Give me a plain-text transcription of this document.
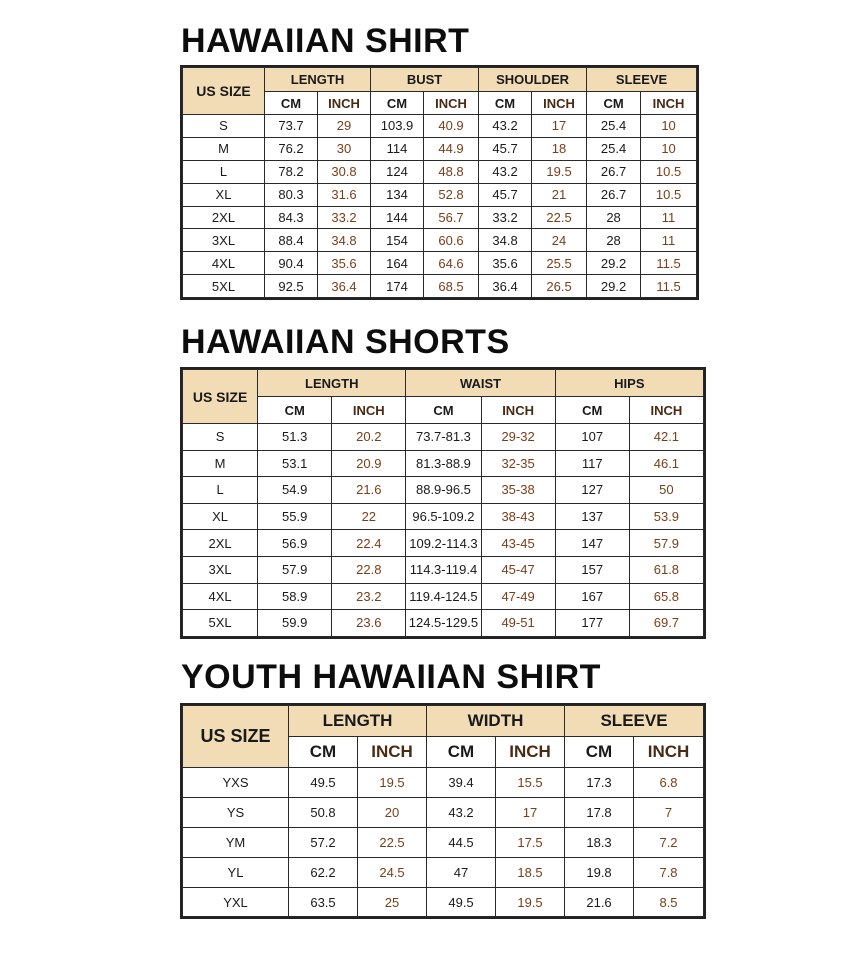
HAWAIIAN SHIRT
US SIZE	LENGTH		BUST		SHOULDER		SLEEVE	
	CM	INCH	CM	INCH	CM	INCH	CM	INCH
S	73.7	29	103.9	40.9	43.2	17	25.4	10
M	76.2	30	114	44.9	45.7	18	25.4	10
L	78.2	30.8	124	48.8	43.2	19.5	26.7	10.5
XL	80.3	31.6	134	52.8	45.7	21	26.7	10.5
2XL	84.3	33.2	144	56.7	33.2	22.5	28	11
3XL	88.4	34.8	154	60.6	34.8	24	28	11
4XL	90.4	35.6	164	64.6	35.6	25.5	29.2	11.5
5XL	92.5	36.4	174	68.5	36.4	26.5	29.2	11.5
HAWAIIAN SHORTS
US SIZE	LENGTH		WAIST		HIPS	
	CM	INCH	CM	INCH	CM	INCH
S	51.3	20.2	73.7-81.3	29-32	107	42.1
M	53.1	20.9	81.3-88.9	32-35	117	46.1
L	54.9	21.6	88.9-96.5	35-38	127	50
XL	55.9	22	96.5-109.2	38-43	137	53.9
2XL	56.9	22.4	109.2-114.3	43-45	147	57.9
3XL	57.9	22.8	114.3-119.4	45-47	157	61.8
4XL	58.9	23.2	119.4-124.5	47-49	167	65.8
5XL	59.9	23.6	124.5-129.5	49-51	177	69.7
YOUTH HAWAIIAN SHIRT
US SIZE	LENGTH		WIDTH		SLEEVE	
	CM	INCH	CM	INCH	CM	INCH
YXS	49.5	19.5	39.4	15.5	17.3	6.8
YS	50.8	20	43.2	17	17.8	7
YM	57.2	22.5	44.5	17.5	18.3	7.2
YL	62.2	24.5	47	18.5	19.8	7.8
YXL	63.5	25	49.5	19.5	21.6	8.5
